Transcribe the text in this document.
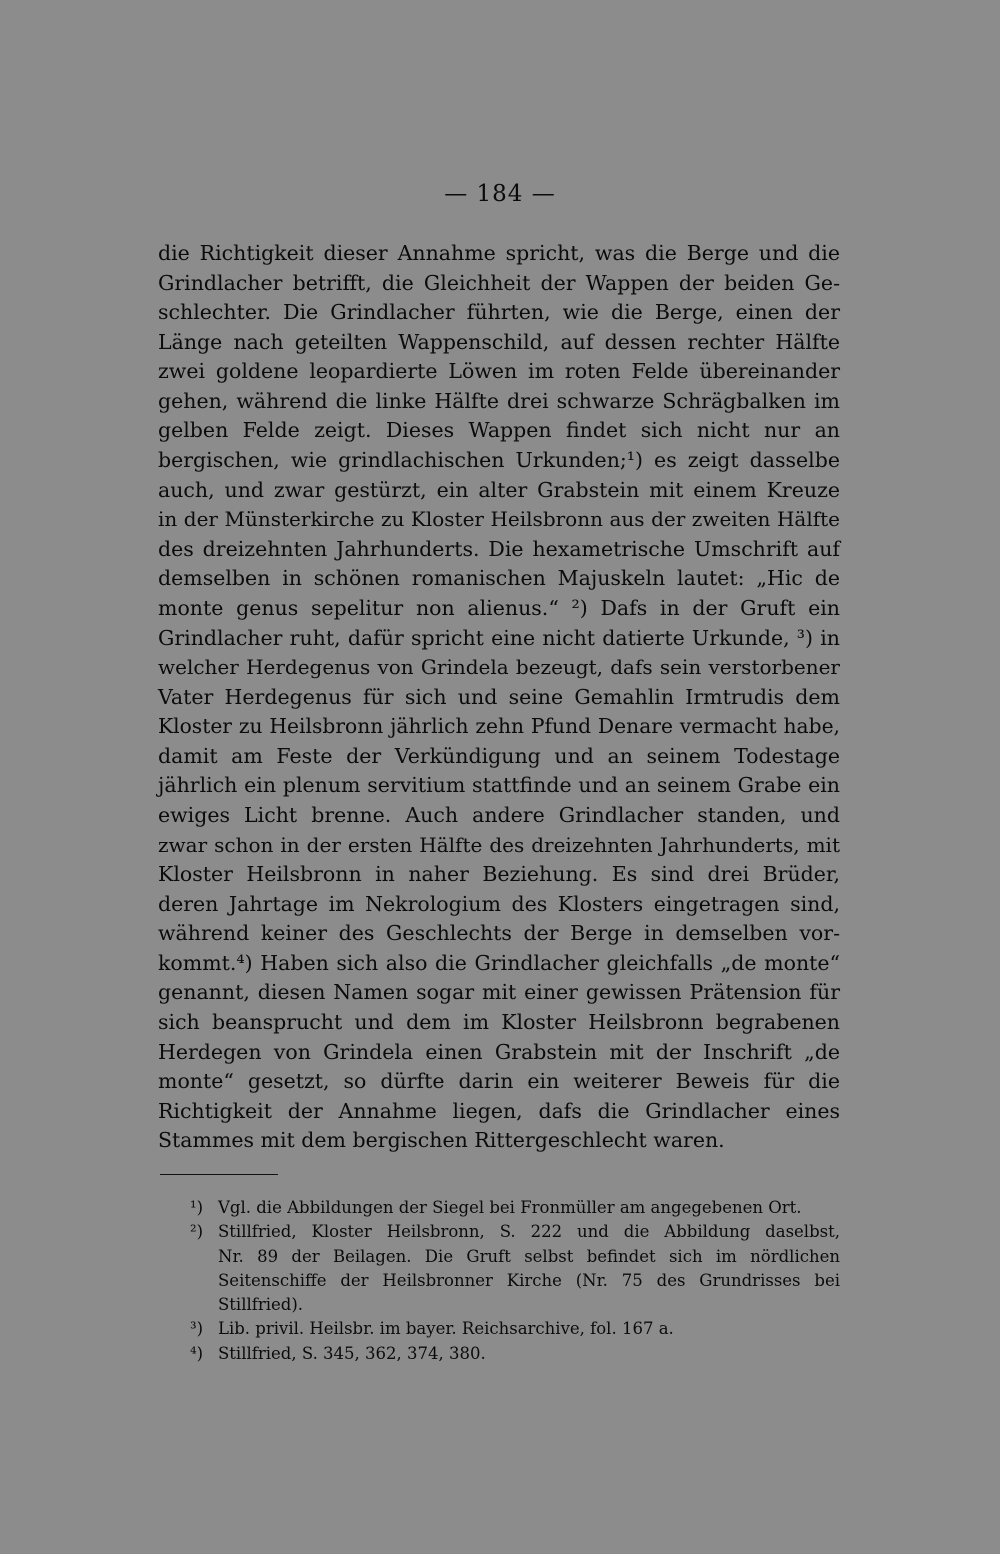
— 184 —
die Richtigkeit dieser Annahme spricht, was die Berge und die
Grindlacher betrifft, die Gleichheit der Wappen der beiden Ge-
schlechter. Die Grindlacher führten, wie die Berge, einen der
Länge nach geteilten Wappenschild, auf dessen rechter Hälfte
zwei goldene leopardierte Löwen im roten Felde übereinander
gehen, während die linke Hälfte drei schwarze Schrägbalken im
gelben Felde zeigt. Dieses Wappen findet sich nicht nur an
bergischen, wie grindlachischen Urkunden;¹) es zeigt dasselbe
auch, und zwar gestürzt, ein alter Grabstein mit einem Kreuze
in der Münsterkirche zu Kloster Heilsbronn aus der zweiten Hälfte
des dreizehnten Jahrhunderts. Die hexametrische Umschrift auf
demselben in schönen romanischen Majuskeln lautet: „Hic de
monte genus sepelitur non alienus.“ ²) Dafs in der Gruft ein
Grindlacher ruht, dafür spricht eine nicht datierte Urkunde, ³) in
welcher Herdegenus von Grindela bezeugt, dafs sein verstorbener
Vater Herdegenus für sich und seine Gemahlin Irmtrudis dem
Kloster zu Heilsbronn jährlich zehn Pfund Denare vermacht habe,
damit am Feste der Verkündigung und an seinem Todestage
jährlich ein plenum servitium stattfinde und an seinem Grabe ein
ewiges Licht brenne. Auch andere Grindlacher standen, und
zwar schon in der ersten Hälfte des dreizehnten Jahrhunderts, mit
Kloster Heilsbronn in naher Beziehung. Es sind drei Brüder,
deren Jahrtage im Nekrologium des Klosters eingetragen sind,
während keiner des Geschlechts der Berge in demselben vor-
kommt.⁴) Haben sich also die Grindlacher gleichfalls „de monte“
genannt, diesen Namen sogar mit einer gewissen Prätension für
sich beansprucht und dem im Kloster Heilsbronn begrabenen
Herdegen von Grindela einen Grabstein mit der Inschrift „de
monte“ gesetzt, so dürfte darin ein weiterer Beweis für die
Richtigkeit der Annahme liegen, dafs die Grindlacher eines
Stammes mit dem bergischen Rittergeschlecht waren.
¹) Vgl. die Abbildungen der Siegel bei Fronmüller am angegebenen Ort.
²) Stillfried, Kloster Heilsbronn, S. 222 und die Abbildung daselbst,
Nr. 89 der Beilagen. Die Gruft selbst befindet sich im nördlichen
Seitenschiffe der Heilsbronner Kirche (Nr. 75 des Grundrisses bei
Stillfried).
³) Lib. privil. Heilsbr. im bayer. Reichsarchive, fol. 167 a.
⁴) Stillfried, S. 345, 362, 374, 380.
